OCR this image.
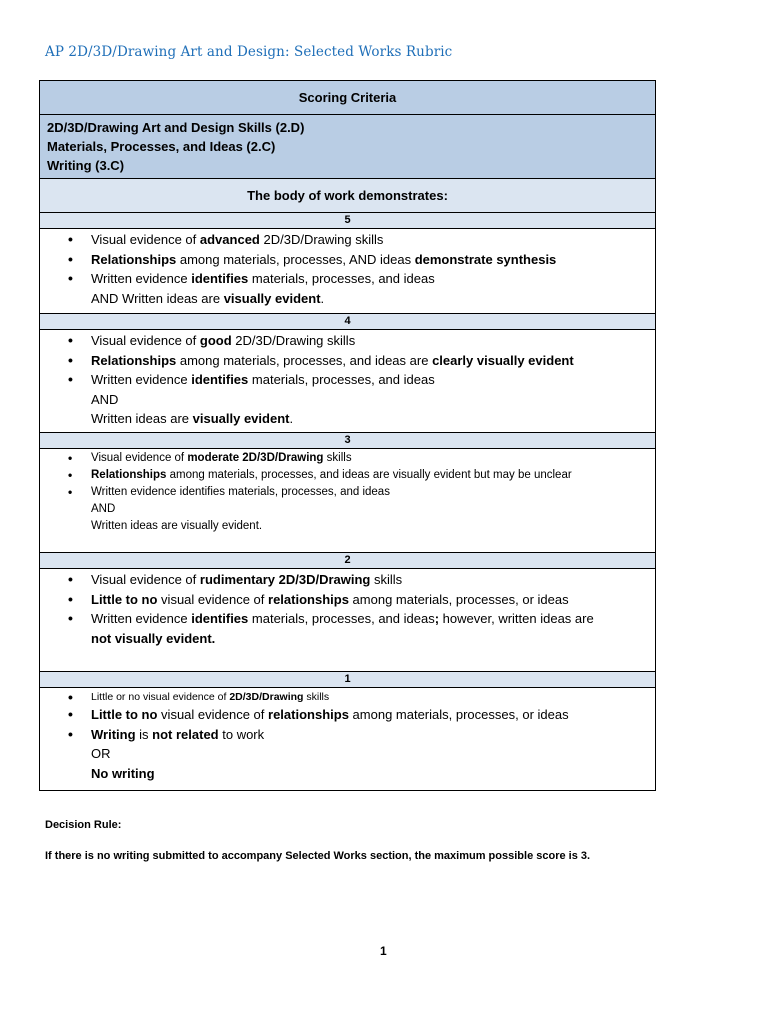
AP 2D/3D/Drawing Art and Design: Selected Works Rubric
Scoring Criteria

2D/3D/Drawing Art and Design Skills (2.D)
Materials, Processes, and Ideas (2.C)
Writing (3.C)

The body of work demonstrates:
5

• Visual evidence of advanced 2D/3D/Drawing skills
• Relationships among materials, processes, AND ideas demonstrate synthesis
• Written evidence identifies materials, processes, and ideas
AND Written ideas are visually evident.

4

• Visual evidence of good 2D/3D/Drawing skills
• Relationships among materials, processes, and ideas are clearly visually evident
• Written evidence identifies materials, processes, and ideas
AND
Written ideas are visually evident.

3

• Visual evidence of moderate 2D/3D/Drawing skills
• Relationships among materials, processes, and ideas are visually evident but may be unclear
• Written evidence identifies materials, processes, and ideas
AND
Written ideas are visually evident.

2

• Visual evidence of rudimentary 2D/3D/Drawing skills
• Little to no visual evidence of relationships among materials, processes, or ideas
• Written evidence identifies materials, processes, and ideas; however, written ideas are
not visually evident.

1

• Little or no visual evidence of 2D/3D/Drawing skills
• Little to no visual evidence of relationships among materials, processes, or ideas
• Writing is not related to work
OR
No writing
Decision Rule:
If there is no writing submitted to accompany Selected Works section, the maximum possible score is 3.
1
